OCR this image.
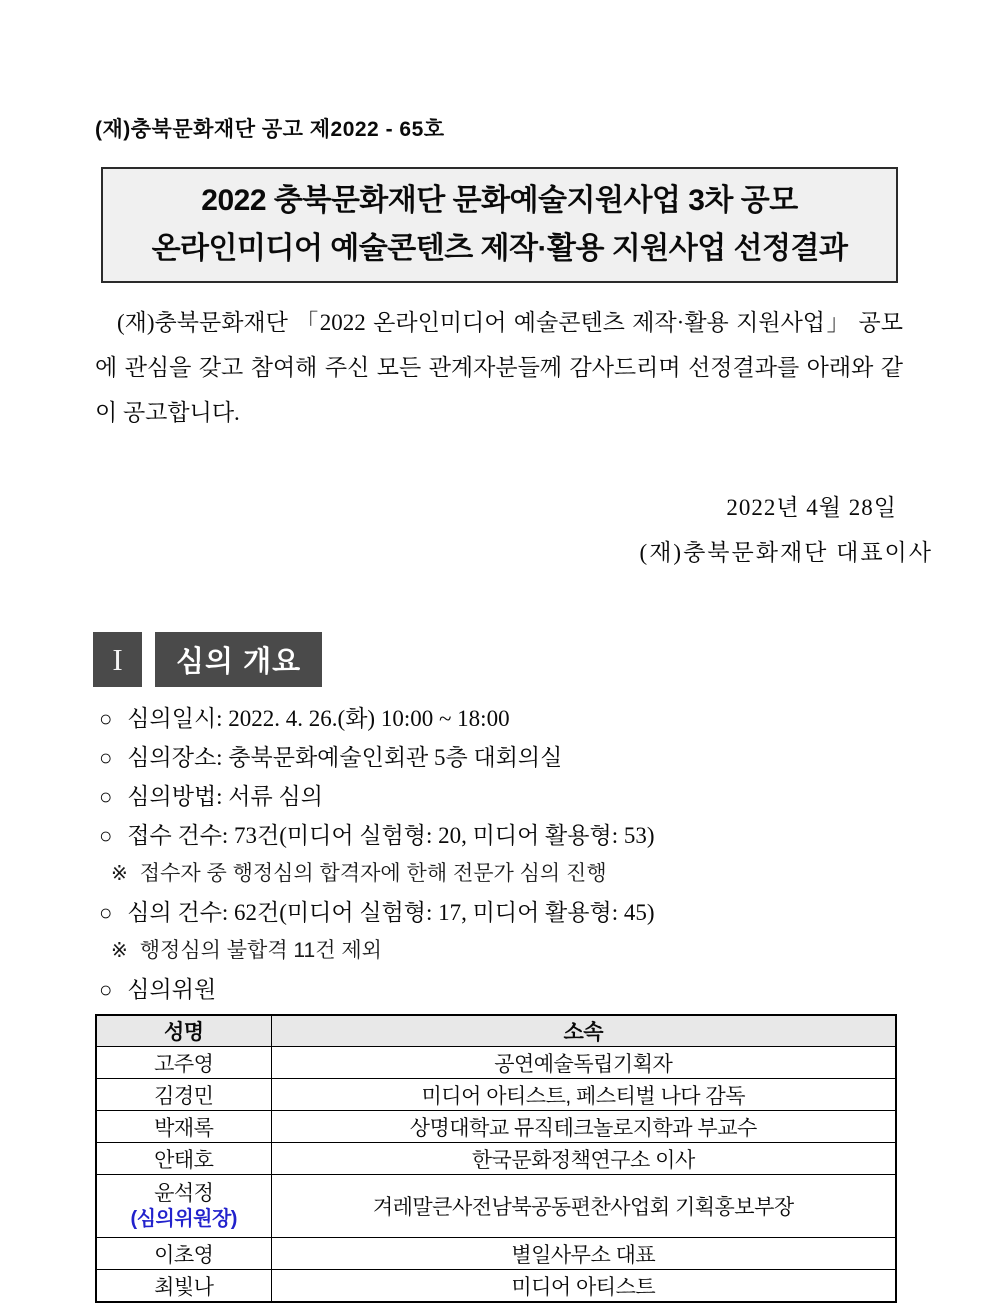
(재)충북문화재단 공고 제2022 - 65호
2022 충북문화재단 문화예술지원사업 3차 공모
온라인미디어 예술콘텐츠 제작·활용 지원사업 선정결과
(재)충북문화재단 「2022 온라인미디어 예술콘텐츠 제작·활용 지원사업」 공모에 관심을 갖고 참여해 주신 모든 관계자분들께 감사드리며 선정결과를 아래와 같이 공고합니다.
2022년 4월 28일
(재)충북문화재단 대표이사
I	심의 개요
○ 심의일시: 2022. 4. 26.(화) 10:00 ~ 18:00
○ 심의장소: 충북문화예술인회관 5층 대회의실
○ 심의방법: 서류 심의
○ 접수 건수: 73건(미디어 실험형: 20, 미디어 활용형: 53)
※ 접수자 중 행정심의 합격자에 한해 전문가 심의 진행
○ 심의 건수: 62건(미디어 실험형: 17, 미디어 활용형: 45)
※ 행정심의 불합격 11건 제외
○ 심의위원
성명	소속
고주영	공연예술독립기획자
김경민	미디어 아티스트, 페스티벌 나다 감독
박재록	상명대학교 뮤직테크놀로지학과 부교수
안태호	한국문화정책연구소 이사

윤석정
(심의위원장)	겨레말큰사전남북공동편찬사업회 기획홍보부장
이초영	별일사무소 대표
최빛나	미디어 아티스트
